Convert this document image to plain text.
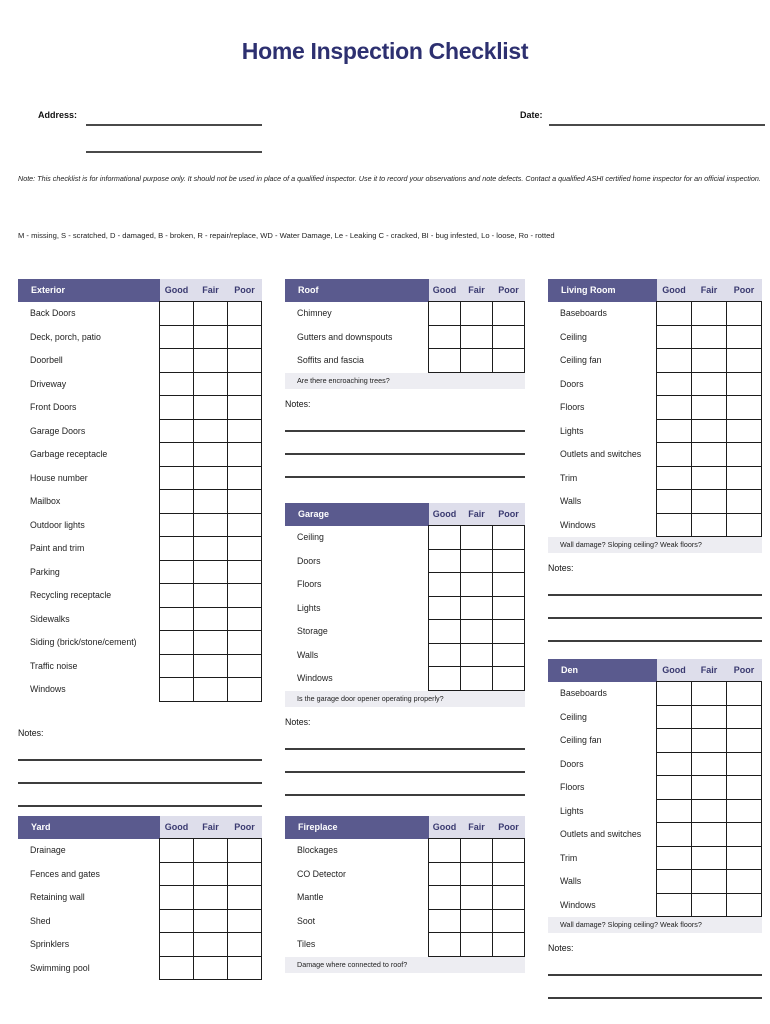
Home Inspection Checklist
Address:	Date:
Note: This checklist is for informational purpose only. It should not be used in place of a qualified inspector. Use it to record your observations and note defects. Contact a qualified ASHI certified home inspector for an official inspection.
M - missing, S - scratched, D - damaged, B - broken, R - repair/replace, WD - Water Damage, Le - Leaking C - cracked, BI - bug infested, Lo - loose, Ro - rotted
Exterior	Good	Fair	Poor
Back Doors			
Deck, porch, patio			
Doorbell			
Driveway			
Front Doors			
Garage Doors			
Garbage receptacle			
House number			
Mailbox			
Outdoor lights			
Paint and trim			
Parking			
Recycling receptacle			
Sidewalks			
Siding (brick/stone/cement)			
Traffic noise			
Windows			
Notes:
Yard	Good	Fair	Poor
Drainage			
Fences and gates			
Retaining wall			
Shed			
Sprinklers			
Swimming pool			
Roof	Good	Fair	Poor
Chimney			
Gutters and downspouts			
Soffits and fascia			
Are there encroaching trees?
Notes:
Garage	Good	Fair	Poor
Ceiling			
Doors			
Floors			
Lights			
Storage			
Walls			
Windows			
Is the garage door opener operating properly?
Notes:
Fireplace	Good	Fair	Poor
Blockages			
CO Detector			
Mantle			
Soot			
Tiles			
Damage where connected to roof?
Living Room	Good	Fair	Poor
Baseboards			
Ceiling			
Ceiling fan			
Doors			
Floors			
Lights			
Outlets and switches			
Trim			
Walls			
Windows			
Wall damage? Sloping ceiling? Weak floors?
Notes:
Den	Good	Fair	Poor
Baseboards			
Ceiling			
Ceiling fan			
Doors			
Floors			
Lights			
Outlets and switches			
Trim			
Walls			
Windows			
Wall damage? Sloping ceiling? Weak floors?
Notes:
